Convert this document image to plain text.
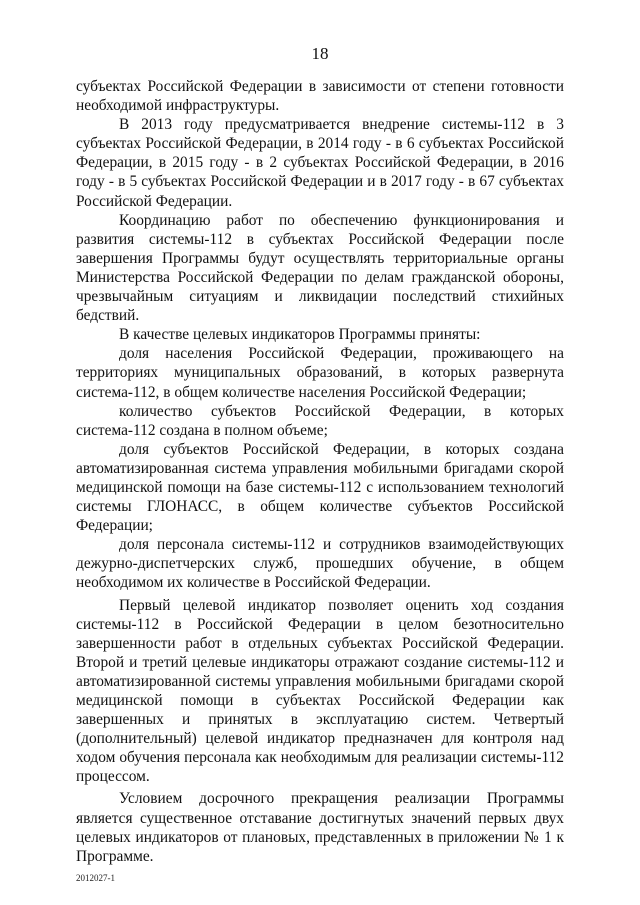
18

субъектах Российской Федерации в зависимости от степени готовности необходимой инфраструктуры.

В 2013 году предусматривается внедрение системы-112 в 3 субъектах Российской Федерации, в 2014 году - в 6 субъектах Российской Федерации, в 2015 году - в 2 субъектах Российской Федерации, в 2016 году - в 5 субъектах Российской Федерации и в 2017 году - в 67 субъектах Российской Федерации.

Координацию работ по обеспечению функционирования и развития системы-112 в субъектах Российской Федерации после завершения Программы будут осуществлять территориальные органы Министерства Российской Федерации по делам гражданской обороны, чрезвычайным ситуациям и ликвидации последствий стихийных бедствий.

В качестве целевых индикаторов Программы приняты:

доля населения Российской Федерации, проживающего на территориях муниципальных образований, в которых развернута система-112, в общем количестве населения Российской Федерации;

количество субъектов Российской Федерации, в которых система-112 создана в полном объеме;

доля субъектов Российской Федерации, в которых создана автоматизированная система управления мобильными бригадами скорой медицинской помощи на базе системы-112 с использованием технологий системы ГЛОНАСС, в общем количестве субъектов Российской Федерации;

доля персонала системы-112 и сотрудников взаимодействующих дежурно-диспетчерских служб, прошедших обучение, в общем необходимом их количестве в Российской Федерации.

Первый целевой индикатор позволяет оценить ход создания системы-112 в Российской Федерации в целом безотносительно завершенности работ в отдельных субъектах Российской Федерации. Второй и третий целевые индикаторы отражают создание системы-112 и автоматизированной системы управления мобильными бригадами скорой медицинской помощи в субъектах Российской Федерации как завершенных и принятых в эксплуатацию систем. Четвертый (дополнительный) целевой индикатор предназначен для контроля над ходом обучения персонала как необходимым для реализации системы-112 процессом.

Условием досрочного прекращения реализации Программы является существенное отставание достигнутых значений первых двух целевых индикаторов от плановых, представленных в приложении № 1 к Программе.

2012027-1
